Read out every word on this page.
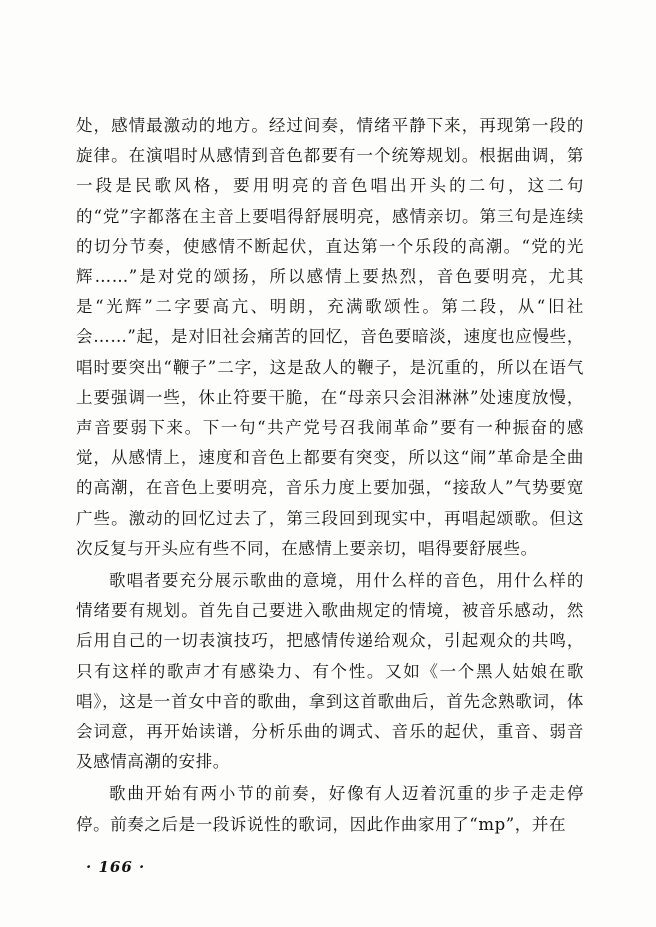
处，感情最激动的地方。经过间奏，情绪平静下来，再现第一段的旋律。在演唱时从感情到音色都要有一个统筹规划。根据曲调，第一段是民歌风格，要用明亮的音色唱出开头的二句，这二句的“党”字都落在主音上要唱得舒展明亮，感情亲切。第三句是连续的切分节奏，使感情不断起伏，直达第一个乐段的高潮。“党的光辉……”是对党的颂扬，所以感情上要热烈，音色要明亮，尤其是“光辉”二字要高亢、明朗，充满歌颂性。第二段，从“旧社会……”起，是对旧社会痛苦的回忆，音色要暗淡，速度也应慢些，唱时要突出“鞭子”二字，这是敌人的鞭子，是沉重的，所以在语气上要强调一些，休止符要干脆，在“母亲只会泪淋淋”处速度放慢，声音要弱下来。下一句“共产党号召我闹革命”要有一种振奋的感觉，从感情上，速度和音色上都要有突变，所以这“闹”革命是全曲的高潮，在音色上要明亮，音乐力度上要加强，“接敌人”气势要宽广些。激动的回忆过去了，第三段回到现实中，再唱起颂歌。但这次反复与开头应有些不同，在感情上要亲切，唱得要舒展些。

歌唱者要充分展示歌曲的意境，用什么样的音色，用什么样的情绪要有规划。首先自己要进入歌曲规定的情境，被音乐感动，然后用自己的一切表演技巧，把感情传递给观众，引起观众的共鸣，只有这样的歌声才有感染力、有个性。又如《一个黑人姑娘在歌唱》，这是一首女中音的歌曲，拿到这首歌曲后，首先念熟歌词，体会词意，再开始读谱，分析乐曲的调式、音乐的起伏，重音、弱音及感情高潮的安排。

歌曲开始有两小节的前奏，好像有人迈着沉重的步子走走停停。前奏之后是一段诉说性的歌词，因此作曲家用了“mp”，并在

· 166 ·
